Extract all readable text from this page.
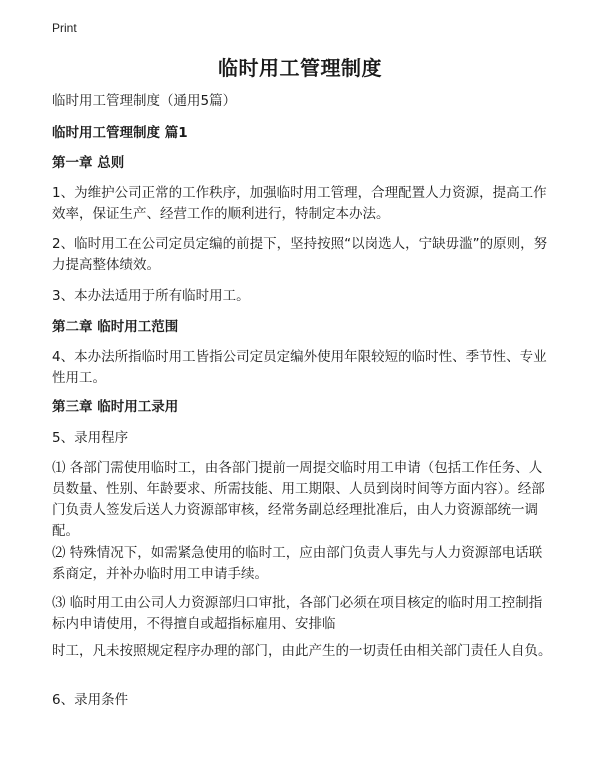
Print
临时用工管理制度
临时用工管理制度（通用5篇）
临时用工管理制度 篇1
第一章 总则

1、为维护公司正常的工作秩序，加强临时用工管理，合理配置人力资源，提高工作效率，保证生产、经营工作的顺利进行，特制定本办法。

2、临时用工在公司定员定编的前提下，坚持按照“以岗选人，宁缺毋滥”的原则，努力提高整体绩效。

3、本办法适用于所有临时用工。
第二章 临时用工范围

4、本办法所指临时用工皆指公司定员定编外使用年限较短的临时性、季节性、专业性用工。

第三章 临时用工录用
5、录用程序

⑴ 各部门需使用临时工，由各部门提前一周提交临时用工申请（包括工作任务、人员数量、性别、年龄要求、所需技能、用工期限、人员到岗时间等方面内容）。经部门负责人签发后送人力资源部审核，经常务副总经理批准后，由人力资源部统一调配。

⑵ 特殊情况下，如需紧急使用的临时工，应由部门负责人事先与人力资源部电话联系商定，并补办临时用工申请手续。

⑶ 临时用工由公司人力资源部归口审批，各部门必须在项目核定的临时用工控制指标内申请使用，不得擅自或超指标雇用、安排临

时工，凡未按照规定程序办理的部门，由此产生的一切责任由相关部门责任人自负。

6、录用条件
